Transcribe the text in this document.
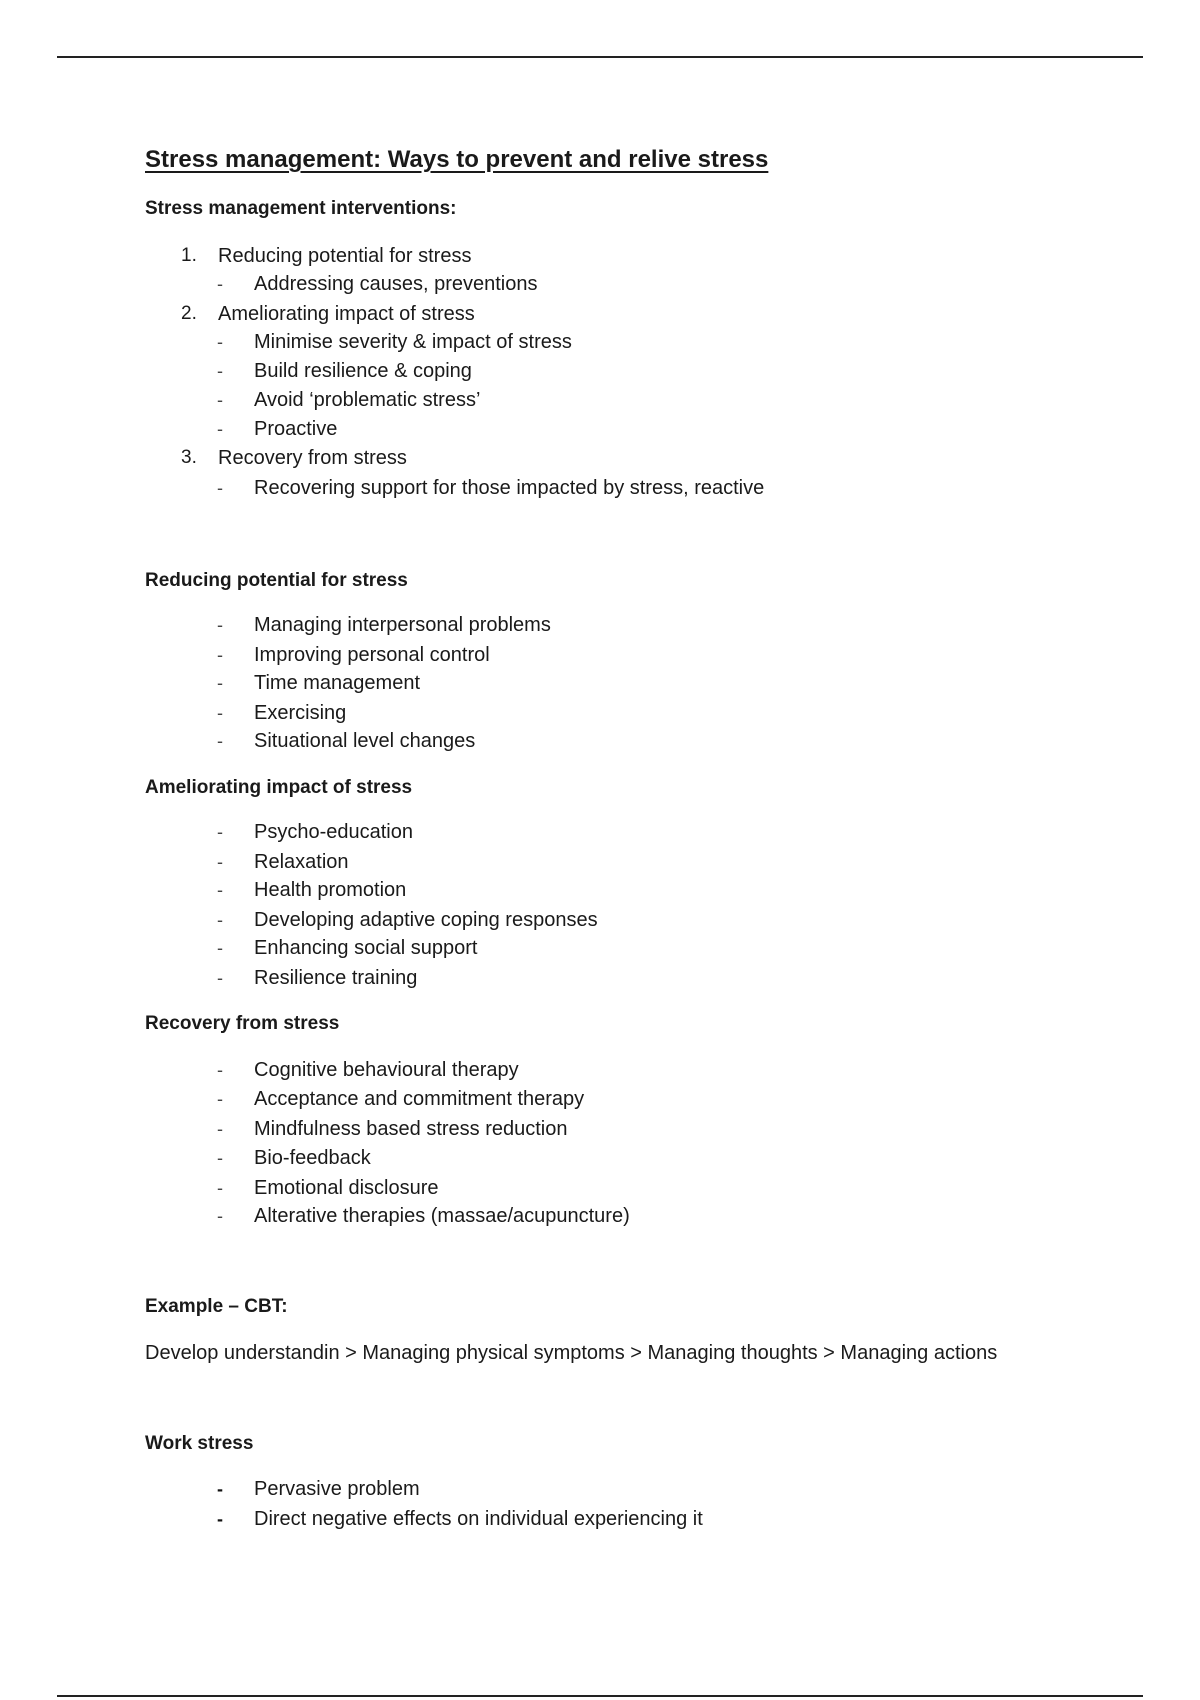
Stress management: Ways to prevent and relive stress
Stress management interventions:
1. Reducing potential for stress
- Addressing causes, preventions
2. Ameliorating impact of stress
- Minimise severity & impact of stress
- Build resilience & coping
- Avoid ‘problematic stress’
- Proactive
3. Recovery from stress
- Recovering support for those impacted by stress, reactive
Reducing potential for stress
- Managing interpersonal problems
- Improving personal control
- Time management
- Exercising
- Situational level changes
Ameliorating impact of stress
- Psycho-education
- Relaxation
- Health promotion
- Developing adaptive coping responses
- Enhancing social support
- Resilience training
Recovery from stress
- Cognitive behavioural therapy
- Acceptance and commitment therapy
- Mindfulness based stress reduction
- Bio-feedback
- Emotional disclosure
- Alterative therapies (massae/acupuncture)
Example – CBT:
Develop understandin > Managing physical symptoms > Managing thoughts > Managing actions
Work stress
- Pervasive problem
- Direct negative effects on individual experiencing it
